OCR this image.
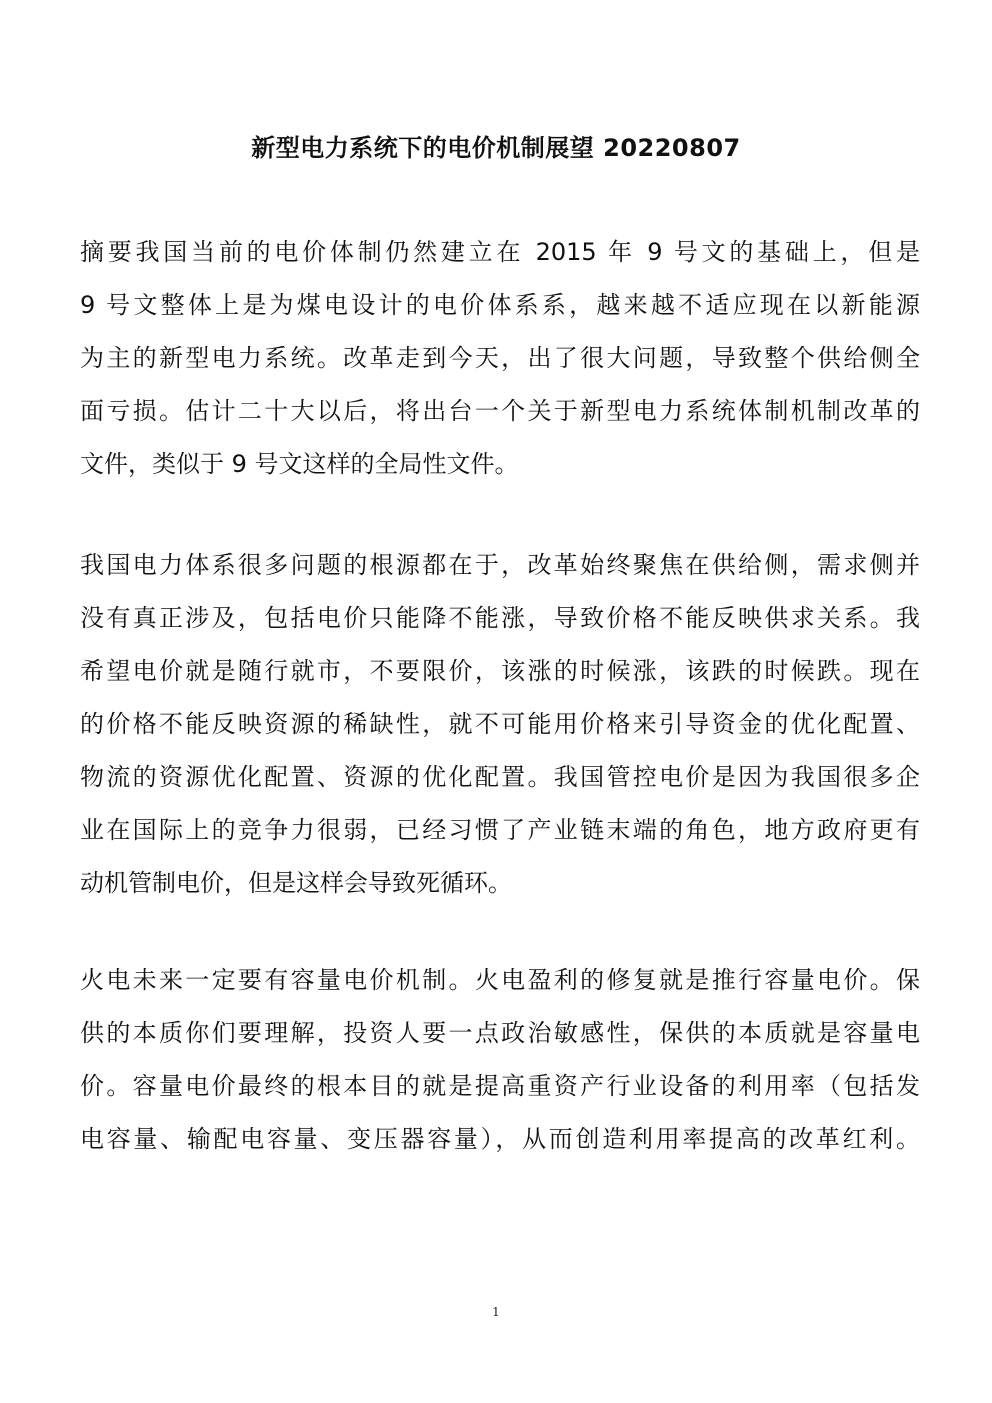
新型电力系统下的电价机制展望 20220807
摘要我国当前的电价体制仍然建立在 2015 年 9 号文的基础上，但是
9 号文整体上是为煤电设计的电价体系系，越来越不适应现在以新能源
为主的新型电力系统。改革走到今天，出了很大问题，导致整个供给侧全
面亏损。估计二十大以后，将出台一个关于新型电力系统体制机制改革的
文件，类似于 9 号文这样的全局性文件。
我国电力体系很多问题的根源都在于，改革始终聚焦在供给侧，需求侧并
没有真正涉及，包括电价只能降不能涨，导致价格不能反映供求关系。我
希望电价就是随行就市，不要限价，该涨的时候涨，该跌的时候跌。现在
的价格不能反映资源的稀缺性，就不可能用价格来引导资金的优化配置、
物流的资源优化配置、资源的优化配置。我国管控电价是因为我国很多企
业在国际上的竞争力很弱，已经习惯了产业链末端的角色，地方政府更有
动机管制电价，但是这样会导致死循环。
火电未来一定要有容量电价机制。火电盈利的修复就是推行容量电价。保
供的本质你们要理解，投资人要一点政治敏感性，保供的本质就是容量电
价。容量电价最终的根本目的就是提高重资产行业设备的利用率（包括发
电容量、输配电容量、变压器容量），从而创造利用率提高的改革红利。
1
